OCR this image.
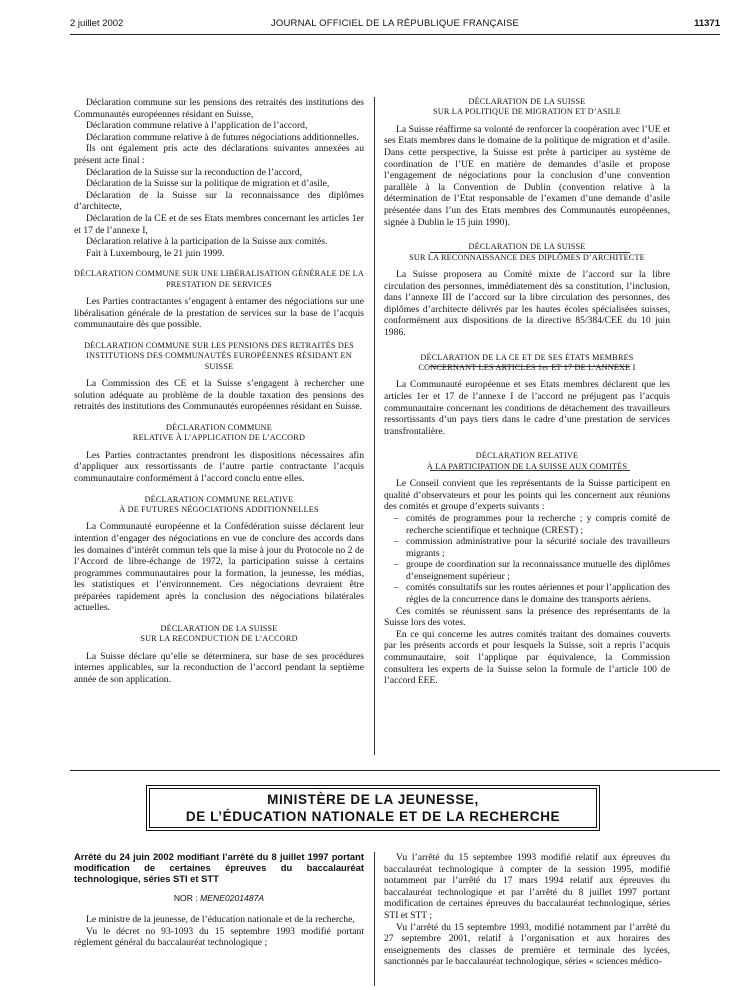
2 juillet 2002	JOURNAL OFFICIEL DE LA RÉPUBLIQUE FRANÇAISE	11371

Déclaration commune sur les pensions des retraités des institutions des Communautés européennes résidant en Suisse,

Déclaration commune relative à l’application de l’accord,

Déclaration commune relative à de futures négociations additionnelles.

Ils ont également pris acte des déclarations suivantes annexées au présent acte final :

Déclaration de la Suisse sur la reconduction de l’accord,

Déclaration de la Suisse sur la politique de migration et d’asile,

Déclaration de la Suisse sur la reconnaissance des diplômes d’architecte,

Déclaration de la CE et de ses Etats membres concernant les articles 1er et 17 de l’annexe I,

Déclaration relative à la participation de la Suisse aux comités.

Fait à Luxembourg, le 21 juin 1999.

DÉCLARATION COMMUNE SUR UNE LIBÉRALISATION GÉNÉRALE DE LA PRESTATION DE SERVICES

Les Parties contractantes s’engagent à entamer des négociations sur une libéralisation générale de la prestation de services sur la base de l’acquis communautaire dès que possible.

DÉCLARATION COMMUNE SUR LES PENSIONS DES RETRAITÉS DES INSTITUTIONS DES COMMUNAUTÉS EUROPÉENNES RÉSIDANT EN SUISSE

La Commission des CE et la Suisse s’engagent à rechercher une solution adéquate au problème de la double taxation des pensions des retraités des institutions des Communautés européennes résidant en Suisse.

DÉCLARATION COMMUNE
RELATIVE À L’APPLICATION DE L’ACCORD

Les Parties contractantes prendront les dispositions nécessaires afin d’appliquer aux ressortissants de l’autre partie contractante l’acquis communautaire conformément à l’accord conclu entre elles.

DÉCLARATION COMMUNE RELATIVE
À DE FUTURES NÉGOCIATIONS ADDITIONNELLES

La Communauté européenne et la Confédération suisse déclarent leur intention d’engager des négociations en vue de conclure des accords dans les domaines d’intérêt commun tels que la mise à jour du Protocole no 2 de l’Accord de libre-échange de 1972, la participation suisse à certains programmes communautaires pour la formation, la jeunesse, les médias, les statistiques et l’environnement. Ces négociations devraient être préparées rapidement après la conclusion des négociations bilatérales actuelles.

DÉCLARATION DE LA SUISSE
SUR LA RECONDUCTION DE L’ACCORD

La Suisse déclare qu’elle se déterminera, sur base de ses procédures internes applicables, sur la reconduction de l’accord pendant la septième année de son application.

DÉCLARATION DE LA SUISSE
SUR LA POLITIQUE DE MIGRATION ET D’ASILE

La Suisse réaffirme sa volonté de renforcer la coopération avec l’UE et ses Etats membres dans le domaine de la politique de migration et d’asile. Dans cette perspective, la Suisse est prête à participer au système de coordination de l’UE en matière de demandes d’asile et propose l’engagement de négociations pour la conclusion d’une convention parallèle à la Convention de Dublin (convention relative à la détermination de l’Etat responsable de l’examen d’une demande d’asile présentée dans l’un des Etats membres des Communautés européennes, signée à Dublin le 15 juin 1990).

DÉCLARATION DE LA SUISSE
SUR LA RECONNAISSANCE DES DIPLÔMES D’ARCHITECTE

La Suisse proposera au Comité mixte de l’accord sur la libre circulation des personnes, immédiatement dès sa constitution, l’inclusion, dans l’annexe III de l’accord sur la libre circulation des personnes, des diplômes d’architecte délivrés par les hautes écoles spécialisées suisses, conformément aux dispositions de la directive 85/384/CEE du 10 juin 1986.

DÉCLARATION DE LA CE ET DE SES ÉTATS MEMBRES
CONCERNANT LES ARTICLES 1er ET 17 DE L’ANNEXE I

La Communauté européenne et ses Etats membres déclarent que les articles 1er et 17 de l’annexe I de l’accord ne préjugent pas l’acquis communautaire concernant les conditions de détachement des travailleurs ressortissants d’un pays tiers dans le cadre d’une prestation de services transfrontalière.

DÉCLARATION RELATIVE
À LA PARTICIPATION DE LA SUISSE AUX COMITÉS

Le Conseil convient que les représentants de la Suisse participent en qualité d’observateurs et pour les points qui les concernent aux réunions des comités et groupe d’experts suivants :

– comités de programmes pour la recherche ; y compris comité de recherche scientifique et technique (CREST) ;
– commission administrative pour la sécurité sociale des travailleurs migrants ;
– groupe de coordination sur la reconnaissance mutuelle des diplômes d’enseignement supérieur ;
– comités consultatifs sur les routes aériennes et pour l’application des règles de la concurrence dans le domaine des transports aériens.

Ces comités se réunissent sans la présence des représentants de la Suisse lors des votes.

En ce qui concerne les autres comités traitant des domaines couverts par les présents accords et pour lesquels la Suisse, soit a repris l’acquis communautaire, soit l’applique par équivalence, la Commission consultera les experts de la Suisse selon la formule de l’article 100 de l’accord EEE.

MINISTÈRE DE LA JEUNESSE,
DE L’ÉDUCATION NATIONALE ET DE LA RECHERCHE
Arrêté du 24 juin 2002 modifiant l’arrêté du 8 juillet 1997 portant modification de certaines épreuves du baccalauréat technologique, séries STI et STT
NOR : MENE0201487A

Le ministre de la jeunesse, de l’éducation nationale et de la recherche,

Vu le décret no 93-1093 du 15 septembre 1993 modifié portant règlement général du baccalauréat technologique ;

Vu l’arrêté du 15 septembre 1993 modifié relatif aux épreuves du baccalauréat technologique à compter de la session 1995, modifié notamment par l’arrêté du 17 mars 1994 relatif aux épreuves du baccalauréat technologique et par l’arrêté du 8 juillet 1997 portant modification de certaines épreuves du baccalauréat technologique, séries STI et STT ;

Vu l’arrêté du 15 septembre 1993, modifié notamment par l’arrêté du 27 septembre 2001, relatif à l’organisation et aux horaires des enseignements des classes de première et terminale des lycées, sanctionnés par le baccalauréat technologique, séries « sciences médico-
